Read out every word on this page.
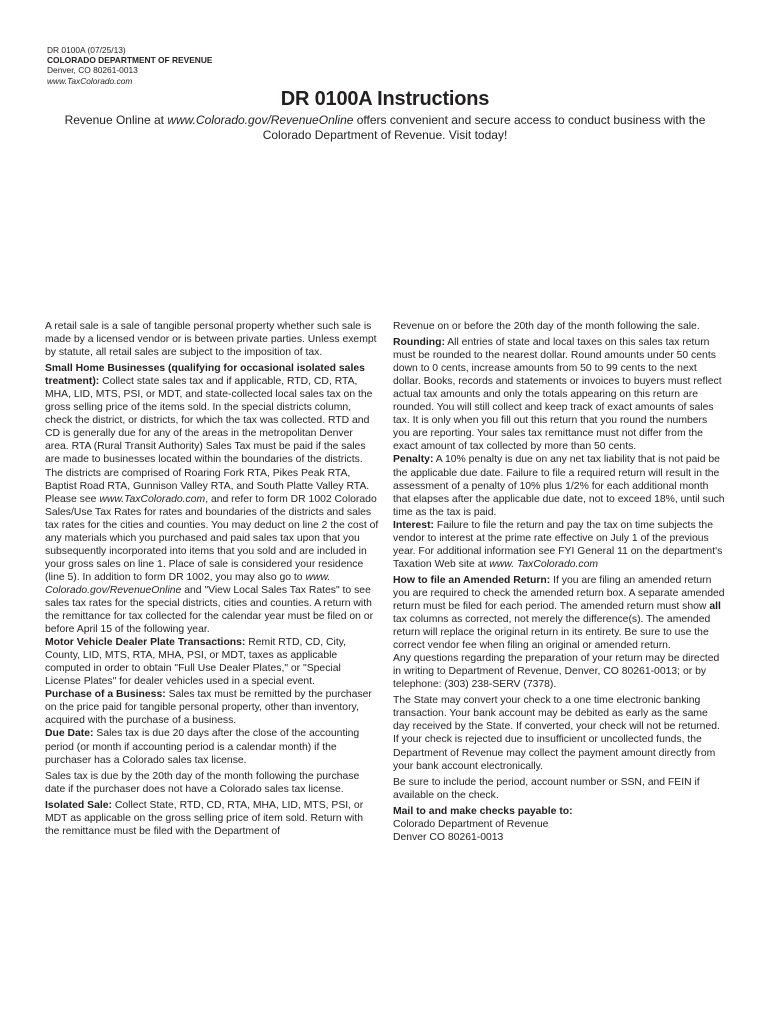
DR 0100A (07/25/13)
COLORADO DEPARTMENT OF REVENUE
Denver, CO 80261-0013
www.TaxColorado.com
DR 0100A Instructions
Revenue Online at www.Colorado.gov/RevenueOnline offers convenient and secure access to conduct business with the Colorado Department of Revenue. Visit today!

A retail sale is a sale of tangible personal property whether such sale is made by a licensed vendor or is between private parties. Unless exempt by statute, all retail sales are subject to the imposition of tax.

Small Home Businesses (qualifying for occasional isolated sales treatment): Collect state sales tax and if applicable, RTD, CD, RTA, MHA, LID, MTS, PSI, or MDT, and state-collected local sales tax on the gross selling price of the items sold. In the special districts column, check the district, or districts, for which the tax was collected. RTD and CD is generally due for any of the areas in the metropolitan Denver area. RTA (Rural Transit Authority) Sales Tax must be paid if the sales are made to businesses located within the boundaries of the districts. The districts are comprised of Roaring Fork RTA, Pikes Peak RTA, Baptist Road RTA, Gunnison Valley RTA, and South Platte Valley RTA. Please see www.TaxColorado.com, and refer to form DR 1002 Colorado Sales/Use Tax Rates for rates and boundaries of the districts and sales tax rates for the cities and counties. You may deduct on line 2 the cost of any materials which you purchased and paid sales tax upon that you subsequently incorporated into items that you sold and are included in your gross sales on line 1. Place of sale is considered your residence (line 5). In addition to form DR 1002, you may also go to www. Colorado.gov/RevenueOnline and "View Local Sales Tax Rates" to see sales tax rates for the special districts, cities and counties. A return with the remittance for tax collected for the calendar year must be filed on or before April 15 of the following year.

Motor Vehicle Dealer Plate Transactions: Remit RTD, CD, City, County, LID, MTS, RTA, MHA, PSI, or MDT, taxes as applicable computed in order to obtain "Full Use Dealer Plates," or "Special License Plates" for dealer vehicles used in a special event.

Purchase of a Business: Sales tax must be remitted by the purchaser on the price paid for tangible personal property, other than inventory, acquired with the purchase of a business.

Due Date: Sales tax is due 20 days after the close of the accounting period (or month if accounting period is a calendar month) if the purchaser has a Colorado sales tax license.

Sales tax is due by the 20th day of the month following the purchase date if the purchaser does not have a Colorado sales tax license.

Isolated Sale: Collect State, RTD, CD, RTA, MHA, LID, MTS, PSI, or MDT as applicable on the gross selling price of item sold. Return with the remittance must be filed with the Department of

Revenue on or before the 20th day of the month following the sale.

Rounding: All entries of state and local taxes on this sales tax return must be rounded to the nearest dollar. Round amounts under 50 cents down to 0 cents, increase amounts from 50 to 99 cents to the next dollar. Books, records and statements or invoices to buyers must reflect actual tax amounts and only the totals appearing on this return are rounded. You will still collect and keep track of exact amounts of sales tax. It is only when you fill out this return that you round the numbers you are reporting. Your sales tax remittance must not differ from the exact amount of tax collected by more than 50 cents.

Penalty: A 10% penalty is due on any net tax liability that is not paid be the applicable due date. Failure to file a required return will result in the assessment of a penalty of 10% plus 1/2% for each additional month that elapses after the applicable due date, not to exceed 18%, until such time as the tax is paid.

Interest: Failure to file the return and pay the tax on time subjects the vendor to interest at the prime rate effective on July 1 of the previous year. For additional information see FYI General 11 on the department's Taxation Web site at www. TaxColorado.com

How to file an Amended Return: If you are filing an amended return you are required to check the amended return box. A separate amended return must be filed for each period. The amended return must show all tax columns as corrected, not merely the difference(s). The amended return will replace the original return in its entirety. Be sure to use the correct vendor fee when filing an original or amended return.

Any questions regarding the preparation of your return may be directed in writing to Department of Revenue, Denver, CO 80261-0013; or by telephone: (303) 238-SERV (7378).

The State may convert your check to a one time electronic banking transaction. Your bank account may be debited as early as the same day received by the State. If converted, your check will not be returned. If your check is rejected due to insufficient or uncollected funds, the Department of Revenue may collect the payment amount directly from your bank account electronically.

Be sure to include the period, account number or SSN, and FEIN if available on the check.

Mail to and make checks payable to:

Colorado Department of Revenue

Denver CO 80261-0013
